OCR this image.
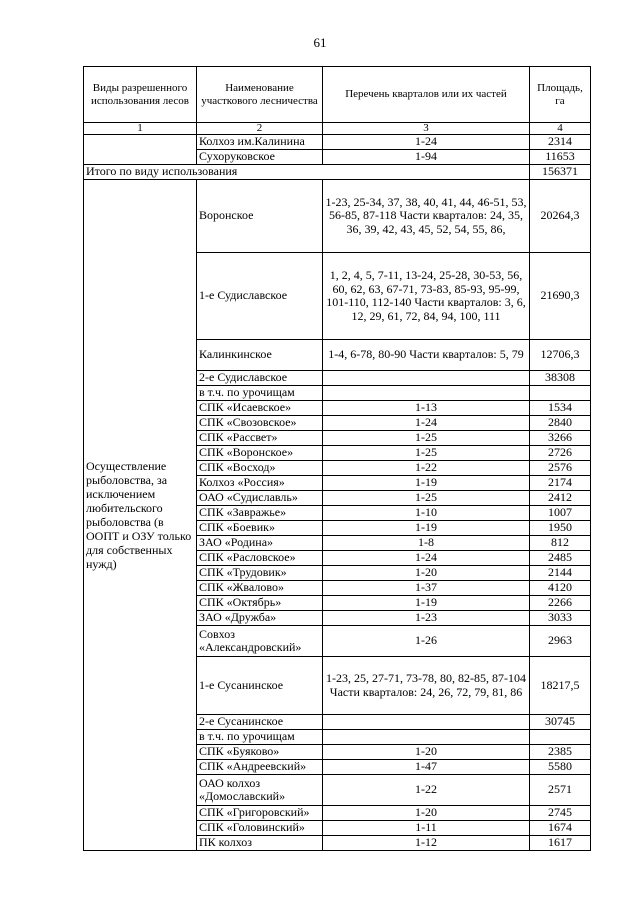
61
Виды разрешенного использования лесов	Наименование участкового лесничества	Перечень кварталов или их частей	Площадь, га
1	2	3	4
	Колхоз им.Калинина	1-24	2314
	Сухоруковское	1-94	11653
Итого по виду использования			156371
Осуществление рыболовства, за исключением любительского рыболовства (в ООПТ и ОЗУ только для собственных нужд)	Воронское	1-23, 25-34, 37, 38, 40, 41, 44, 46-51, 53, 56-85, 87-118 Части кварталов: 24, 35, 36, 39, 42, 43, 45, 52, 54, 55, 86,	20264,3
	1-е Судиславское	1, 2, 4, 5, 7-11, 13-24, 25-28, 30-53, 56, 60, 62, 63, 67-71, 73-83, 85-93, 95-99, 101-110, 112-140 Части кварталов: 3, 6, 12, 29, 61, 72, 84, 94, 100, 111	21690,3
	Калинкинское	1-4, 6-78, 80-90 Части кварталов: 5, 79	12706,3
	2-е Судиславское		38308
	в т.ч. по урочищам		
	СПК «Исаевское»	1-13	1534
	СПК «Свозовское»	1-24	2840
	СПК «Рассвет»	1-25	3266
	СПК «Воронское»	1-25	2726
	СПК «Восход»	1-22	2576
	Колхоз «Россия»	1-19	2174
	ОАО «Судиславль»	1-25	2412
	СПК «Завражье»	1-10	1007
	СПК «Боевик»	1-19	1950
	ЗАО «Родина»	1-8	812
	СПК «Расловское»	1-24	2485
	СПК «Трудовик»	1-20	2144
	СПК «Жвалово»	1-37	4120
	СПК «Октябрь»	1-19	2266
	ЗАО «Дружба»	1-23	3033
	Совхоз «Александровский»	1-26	2963
	1-е Сусанинское	1-23, 25, 27-71, 73-78, 80, 82-85, 87-104 Части кварталов: 24, 26, 72, 79, 81, 86	18217,5
	2-е Сусанинское		30745
	в т.ч. по урочищам		
	СПК «Буяково»	1-20	2385
	СПК «Андреевский»	1-47	5580
	ОАО колхоз «Домославский»	1-22	2571
	СПК «Григоровский»	1-20	2745
	СПК «Головинский»	1-11	1674
	ПК колхоз	1-12	1617
